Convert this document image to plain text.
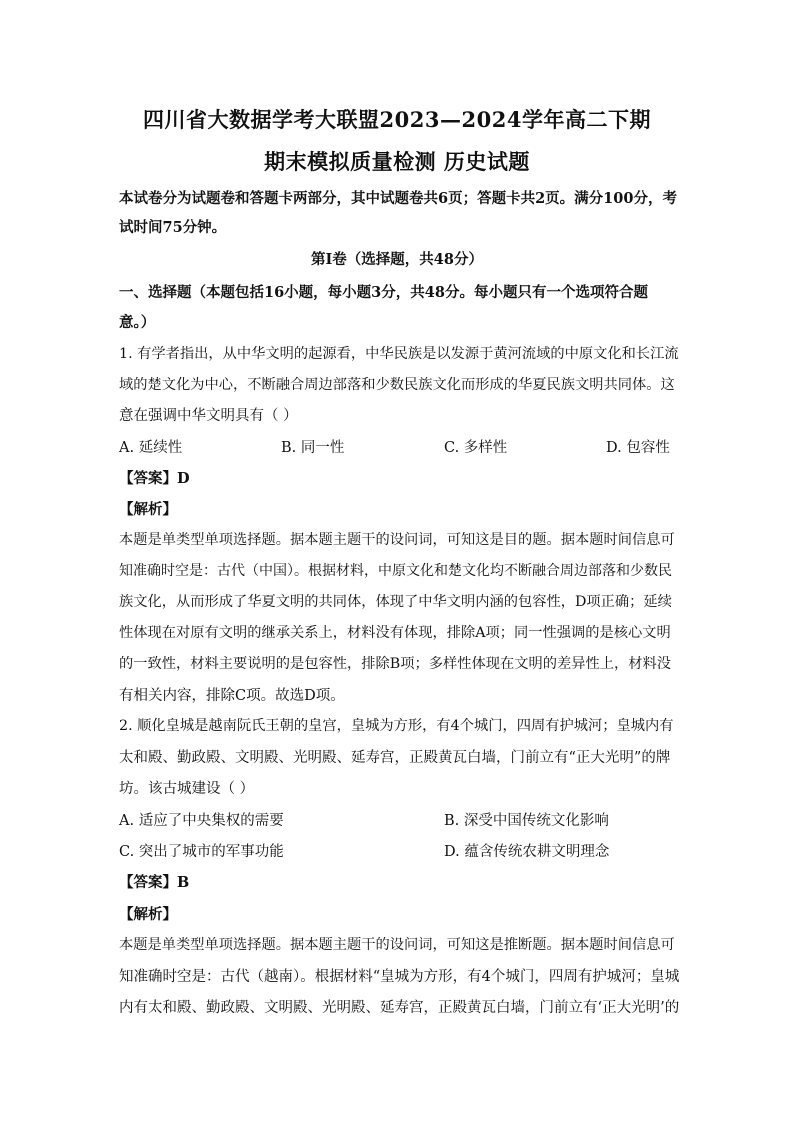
四川省大数据学考大联盟2023—2024学年高二下期
期末模拟质量检测 历史试题
本试卷分为试题卷和答题卡两部分，其中试题卷共6页；答题卡共2页。满分100分，考
试时间75分钟。
第I卷（选择题，共48分）
一、选择题（本题包括16小题，每小题3分，共48分。每小题只有一个选项符合题
意。）
1. 有学者指出，从中华文明的起源看，中华民族是以发源于黄河流域的中原文化和长江流
域的楚文化为中心，不断融合周边部落和少数民族文化而形成的华夏民族文明共同体。这
意在强调中华文明具有（ ）
A. 延续性	B. 同一性	C. 多样性	D. 包容性
【答案】D
【解析】
本题是单类型单项选择题。据本题主题干的设问词，可知这是目的题。据本题时间信息可
知准确时空是：古代（中国）。根据材料，中原文化和楚文化均不断融合周边部落和少数民
族文化，从而形成了华夏文明的共同体，体现了中华文明内涵的包容性，D项正确；延续
性体现在对原有文明的继承关系上，材料没有体现，排除A项；同一性强调的是核心文明
的一致性，材料主要说明的是包容性，排除B项；多样性体现在文明的差异性上，材料没
有相关内容，排除C项。故选D项。
2. 顺化皇城是越南阮氏王朝的皇宫，皇城为方形，有4个城门，四周有护城河；皇城内有
太和殿、勤政殿、文明殿、光明殿、延寿宫，正殿黄瓦白墙，门前立有“正大光明”的牌
坊。该古城建设（ ）
A. 适应了中央集权的需要	B. 深受中国传统文化影响
C. 突出了城市的军事功能	D. 蕴含传统农耕文明理念
【答案】B
【解析】
本题是单类型单项选择题。据本题主题干的设问词，可知这是推断题。据本题时间信息可
知准确时空是：古代（越南）。根据材料“皇城为方形，有4个城门，四周有护城河；皇城
内有太和殿、勤政殿、文明殿、光明殿、延寿宫，正殿黄瓦白墙，门前立有‘正大光明’的
